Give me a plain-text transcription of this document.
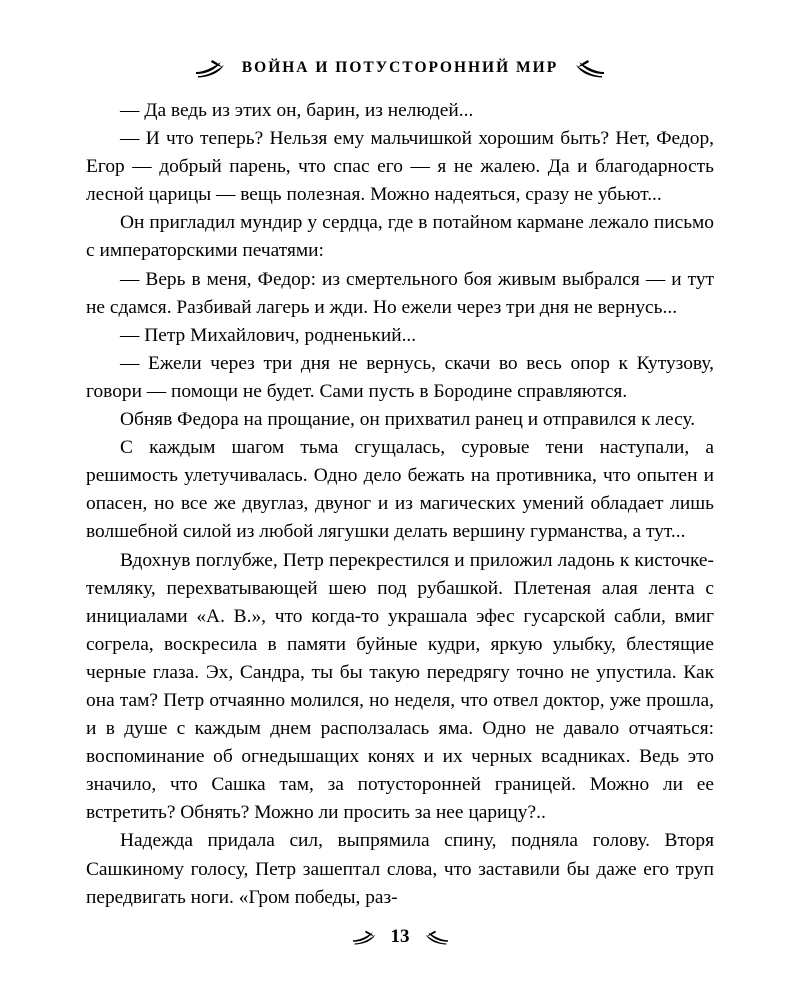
ВОЙНА И ПОТУСТОРОННИЙ МИР

— Да ведь из этих он, барин, из нелюдей...

— И что теперь? Нельзя ему мальчишкой хорошим быть? Нет, Федор, Егор — добрый парень, что спас его — я не жалею. Да и благодарность лесной царицы — вещь полезная. Можно надеяться, сразу не убьют...

Он пригладил мундир у сердца, где в потайном кармане лежало письмо с императорскими печатями:

— Верь в меня, Федор: из смертельного боя живым выбрался — и тут не сдамся. Разбивай лагерь и жди. Но ежели через три дня не вернусь...

— Петр Михайлович, родненький...

— Ежели через три дня не вернусь, скачи во весь опор к Кутузову, говори — помощи не будет. Сами пусть в Бородине справляются.

Обняв Федора на прощание, он прихватил ранец и отправился к лесу.

С каждым шагом тьма сгущалась, суровые тени наступали, а решимость улетучивалась. Одно дело бежать на противника, что опытен и опасен, но все же двуглаз, двуног и из магических умений обладает лишь волшебной силой из любой лягушки делать вершину гурманства, а тут...

Вдохнув поглубже, Петр перекрестился и приложил ладонь к кисточке-темляку, перехватывающей шею под рубашкой. Плетеная алая лента с инициалами «А. В.», что когда-то украшала эфес гусарской сабли, вмиг согрела, воскресила в памяти буйные кудри, яркую улыбку, блестящие черные глаза. Эх, Сандра, ты бы такую передрягу точно не упустила. Как она там? Петр отчаянно молился, но неделя, что отвел доктор, уже прошла, и в душе с каждым днем расползалась яма. Одно не давало отчаяться: воспоминание об огнедышащих конях и их черных всадниках. Ведь это значило, что Сашка там, за потусторонней границей. Можно ли ее встретить? Обнять? Можно ли просить за нее царицу?..

Надежда придала сил, выпрямила спину, подняла голову. Вторя Сашкиному голосу, Петр зашептал слова, что заставили бы даже его труп передвигать ноги. «Гром победы, раз-

13
